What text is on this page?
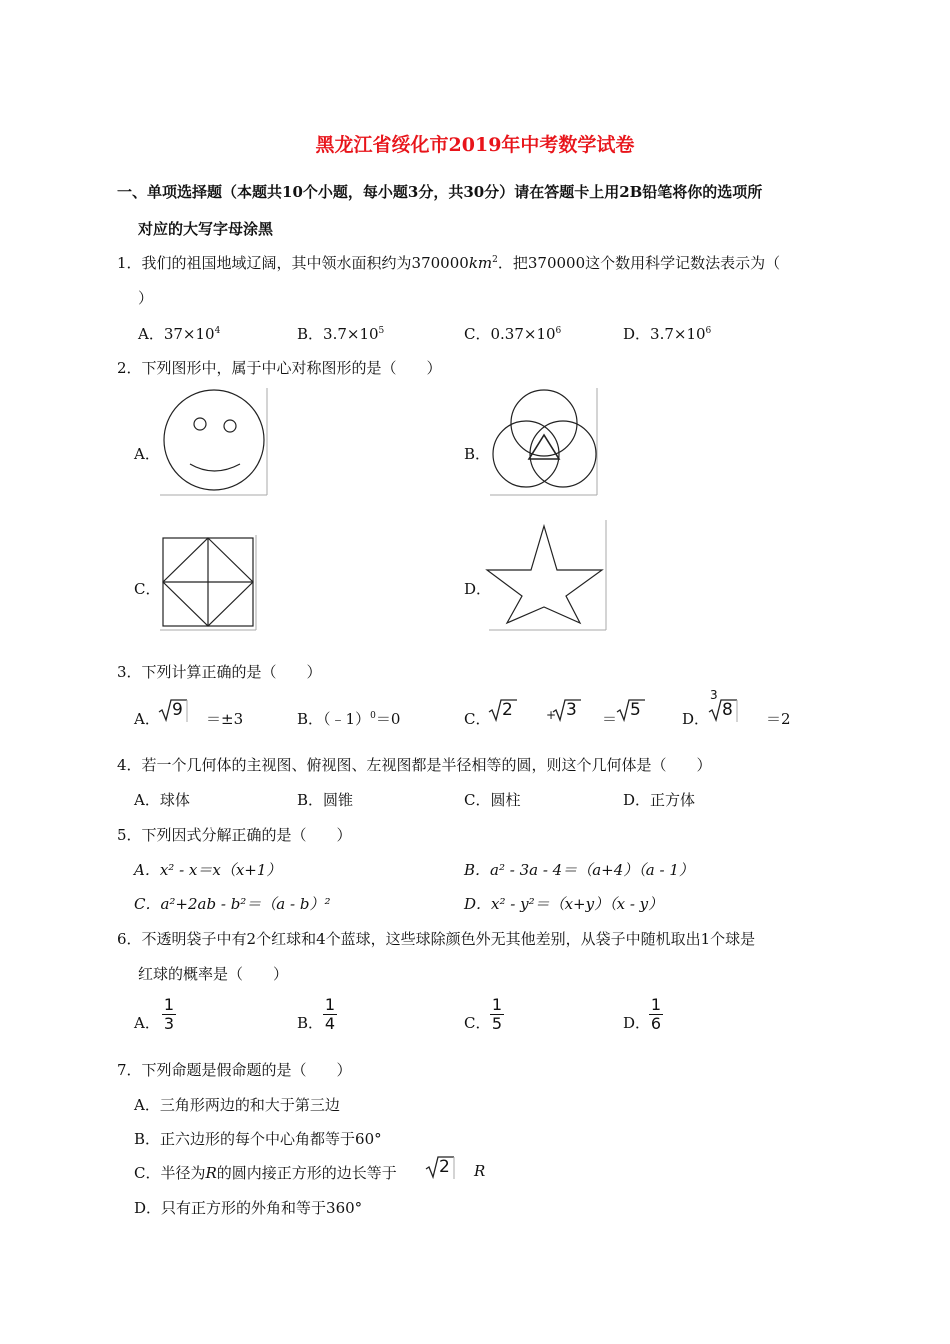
黑龙江省绥化市2019年中考数学试卷
一、单项选择题（本题共10个小题，每小题3分，共30分）请在答题卡上用2B铅笔将你的选项所
对应的大写字母涂黑
1．我们的祖国地域辽阔，其中领水面积约为$370000km^2$．把370000这个数用科学记数法表示为（
）
A．$37\times 10^4$	B．$3.7\times 10^5$	C．$0.37\times 10^6$	D．$3.7\times 10^6$
2．下列图形中，属于中心对称图形的是（　　）
A．	B．
C．	D．
3．下列计算正确的是（　　）
A． 9 ＝±3	B．（﹣1）$^0$＝0	C． 2	+ 3 ＝ 5	D．
3
8 ＝2
4．若一个几何体的主视图、俯视图、左视图都是半径相等的圆，则这个几何体是（　　）
A．球体	B．圆锥	C．圆柱	D．正方体
5．下列因式分解正确的是（　　）
A．x² - x＝x（x+1）	B．a² - 3a - 4＝（a+4）（a - 1）
C．a²+2ab - b²＝（a - b）²	D．x² - y²＝（x+y）（x - y）
6．不透明袋子中有2个红球和4个蓝球，这些球除颜色外无其他差别，从袋子中随机取出1个球是
红球的概率是（　　）
A．
1
3	B．
1
4	C．
1
5	D．
1
6
7．下列命题是假命题的是（　　）
A．三角形两边的和大于第三边
B．正六边形的每个中心角都等于60°
C．半径为R的圆内接正方形的边长等于 2 R
D．只有正方形的外角和等于360°
